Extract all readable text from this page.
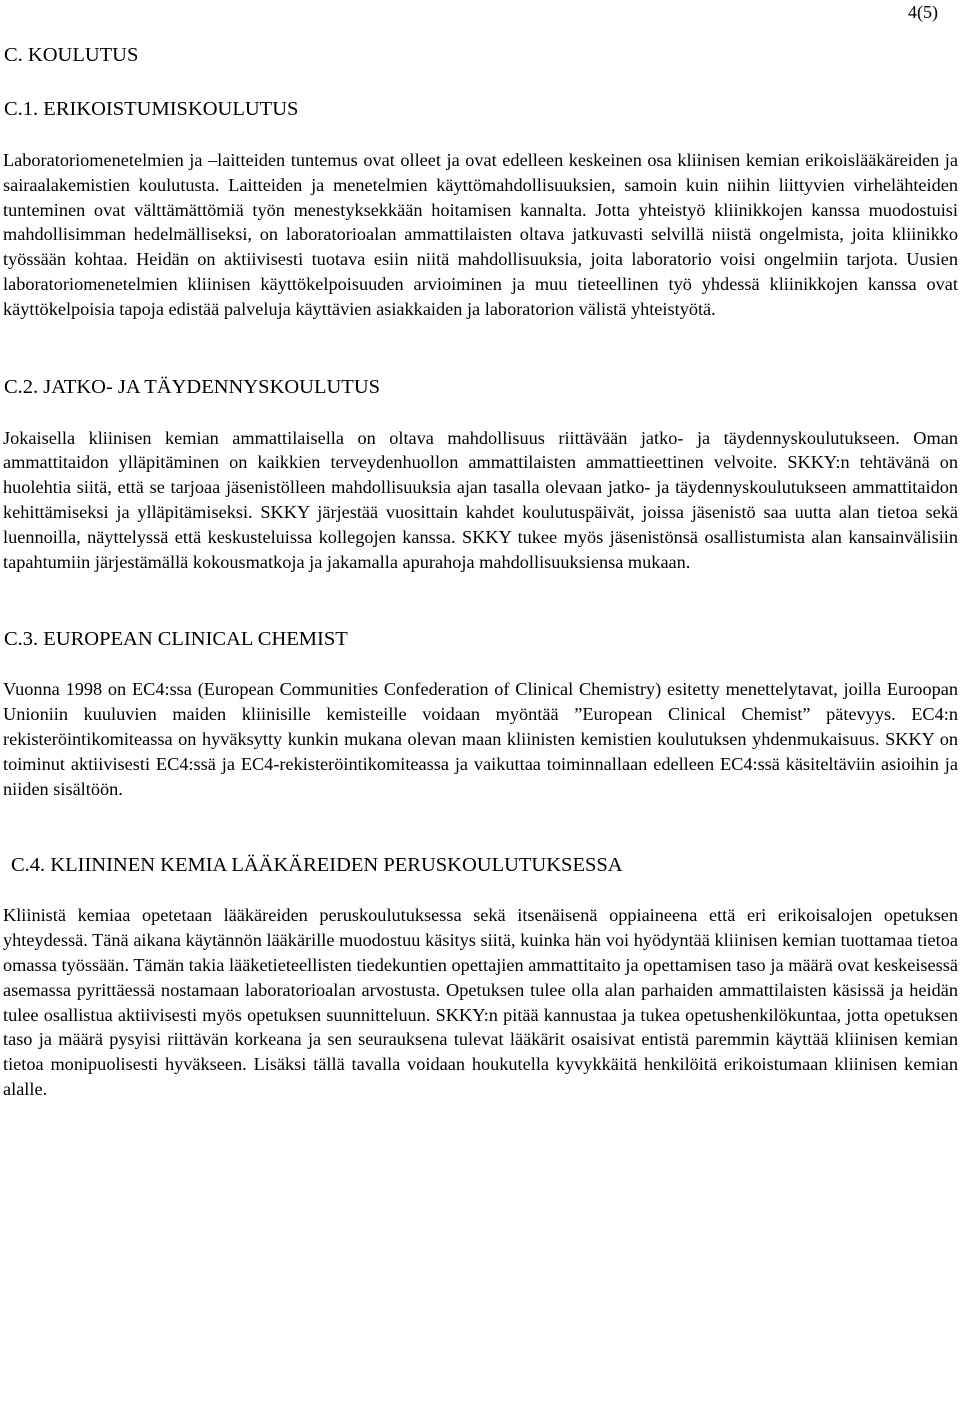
4(5)
C. KOULUTUS
C.1. ERIKOISTUMISKOULUTUS

Laboratoriomenetelmien ja –laitteiden tuntemus ovat olleet ja ovat edelleen keskeinen osa kliinisen kemian erikoislääkäreiden ja sairaalakemistien koulutusta. Laitteiden ja menetelmien käyttömahdollisuuksien, samoin kuin niihin liittyvien virhelähteiden tunteminen ovat välttämättömiä työn menestyksekkään hoitamisen kannalta. Jotta yhteistyö kliinikkojen kanssa muodostuisi mahdollisimman hedelmälliseksi, on laboratorioalan ammattilaisten oltava jatkuvasti selvillä niistä ongelmista, joita kliinikko työssään kohtaa. Heidän on aktiivisesti tuotava esiin niitä mahdollisuuksia, joita laboratorio voisi ongelmiin tarjota. Uusien laboratoriomenetelmien kliinisen käyttökelpoisuuden arvioiminen ja muu tieteellinen työ yhdessä kliinikkojen kanssa ovat käyttökelpoisia tapoja edistää palveluja käyttävien asiakkaiden ja laboratorion välistä yhteistyötä.

C.2. JATKO- JA TÄYDENNYSKOULUTUS

Jokaisella kliinisen kemian ammattilaisella on oltava mahdollisuus riittävään jatko- ja täydennyskoulutukseen. Oman ammattitaidon ylläpitäminen on kaikkien terveydenhuollon ammattilaisten ammattieettinen velvoite. SKKY:n tehtävänä on huolehtia siitä, että se tarjoaa jäsenistölleen mahdollisuuksia ajan tasalla olevaan jatko- ja täydennyskoulutukseen ammattitaidon kehittämiseksi ja ylläpitämiseksi. SKKY järjestää vuosittain kahdet koulutuspäivät, joissa jäsenistö saa uutta alan tietoa sekä luennoilla, näyttelyssä että keskusteluissa kollegojen kanssa. SKKY tukee myös jäsenistönsä osallistumista alan kansainvälisiin tapahtumiin järjestämällä kokousmatkoja ja jakamalla apurahoja mahdollisuuksiensa mukaan.

C.3. EUROPEAN CLINICAL CHEMIST

Vuonna 1998 on EC4:ssa (European Communities Confederation of Clinical Chemistry) esitetty menettelytavat, joilla Euroopan Unioniin kuuluvien maiden kliinisille kemisteille voidaan myöntää ”European Clinical Chemist” pätevyys. EC4:n rekisteröintikomiteassa on hyväksytty kunkin mukana olevan maan kliinisten kemistien koulutuksen yhdenmukaisuus. SKKY on toiminut aktiivisesti EC4:ssä ja EC4-rekisteröintikomiteassa ja vaikuttaa toiminnallaan edelleen EC4:ssä käsiteltäviin asioihin ja niiden sisältöön.

C.4. KLIININEN KEMIA LÄÄKÄREIDEN PERUSKOULUTUKSESSA

Kliinistä kemiaa opetetaan lääkäreiden peruskoulutuksessa sekä itsenäisenä oppiaineena että eri erikoisalojen opetuksen yhteydessä. Tänä aikana käytännön lääkärille muodostuu käsitys siitä, kuinka hän voi hyödyntää kliinisen kemian tuottamaa tietoa omassa työssään. Tämän takia lääketieteellisten tiedekuntien opettajien ammattitaito ja opettamisen taso ja määrä ovat keskeisessä asemassa pyrittäessä nostamaan laboratorioalan arvostusta. Opetuksen tulee olla alan parhaiden ammattilaisten käsissä ja heidän tulee osallistua aktiivisesti myös opetuksen suunnitteluun. SKKY:n pitää kannustaa ja tukea opetushenkilökuntaa, jotta opetuksen taso ja määrä pysyisi riittävän korkeana ja sen seurauksena tulevat lääkärit osaisivat entistä paremmin käyttää kliinisen kemian tietoa monipuolisesti hyväkseen. Lisäksi tällä tavalla voidaan houkutella kyvykkäitä henkilöitä erikoistumaan kliinisen kemian alalle.
